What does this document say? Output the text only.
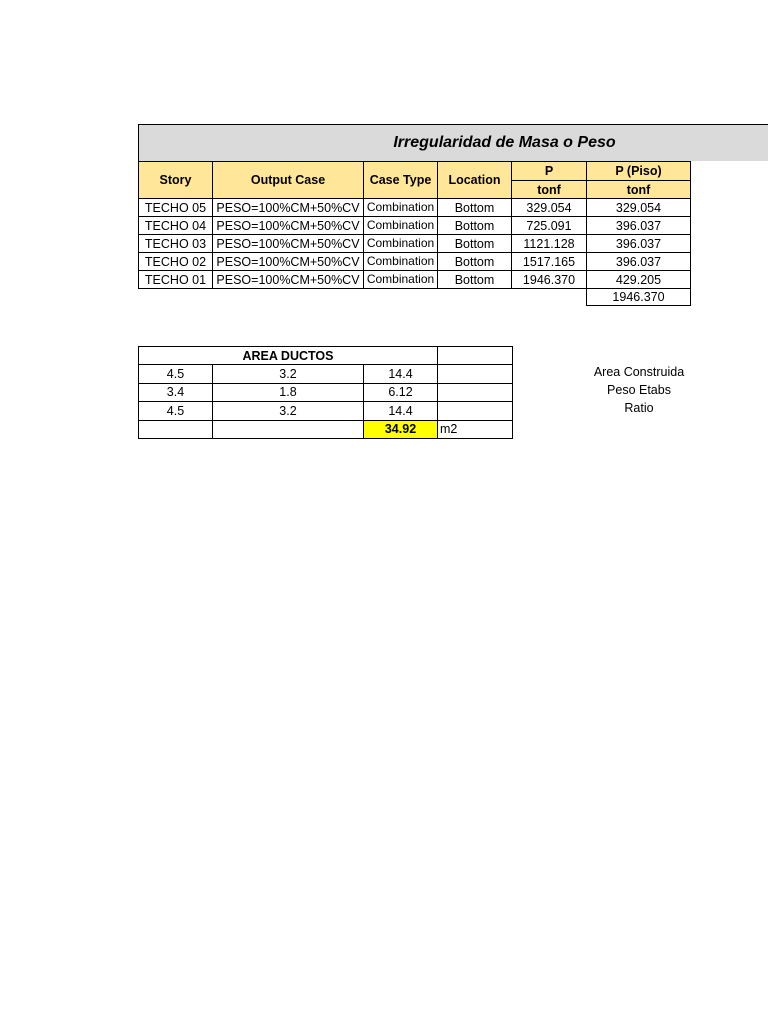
Irregularidad de Masa o Peso
Story	Output Case	Case Type	Location	P	P (Piso)
				tonf	tonf
TECHO 05	PESO=100%CM+50%CV	Combination	Bottom	329.054	329.054
TECHO 04	PESO=100%CM+50%CV	Combination	Bottom	725.091	396.037
TECHO 03	PESO=100%CM+50%CV	Combination	Bottom	1121.128	396.037
TECHO 02	PESO=100%CM+50%CV	Combination	Bottom	1517.165	396.037
TECHO 01	PESO=100%CM+50%CV	Combination	Bottom	1946.370	429.205
					1946.370
AREA DUCTOS			
4.5	3.2	14.4	
3.4	1.8	6.12	
4.5	3.2	14.4	
		34.92	m2
Area Construida
Peso Etabs
Ratio
